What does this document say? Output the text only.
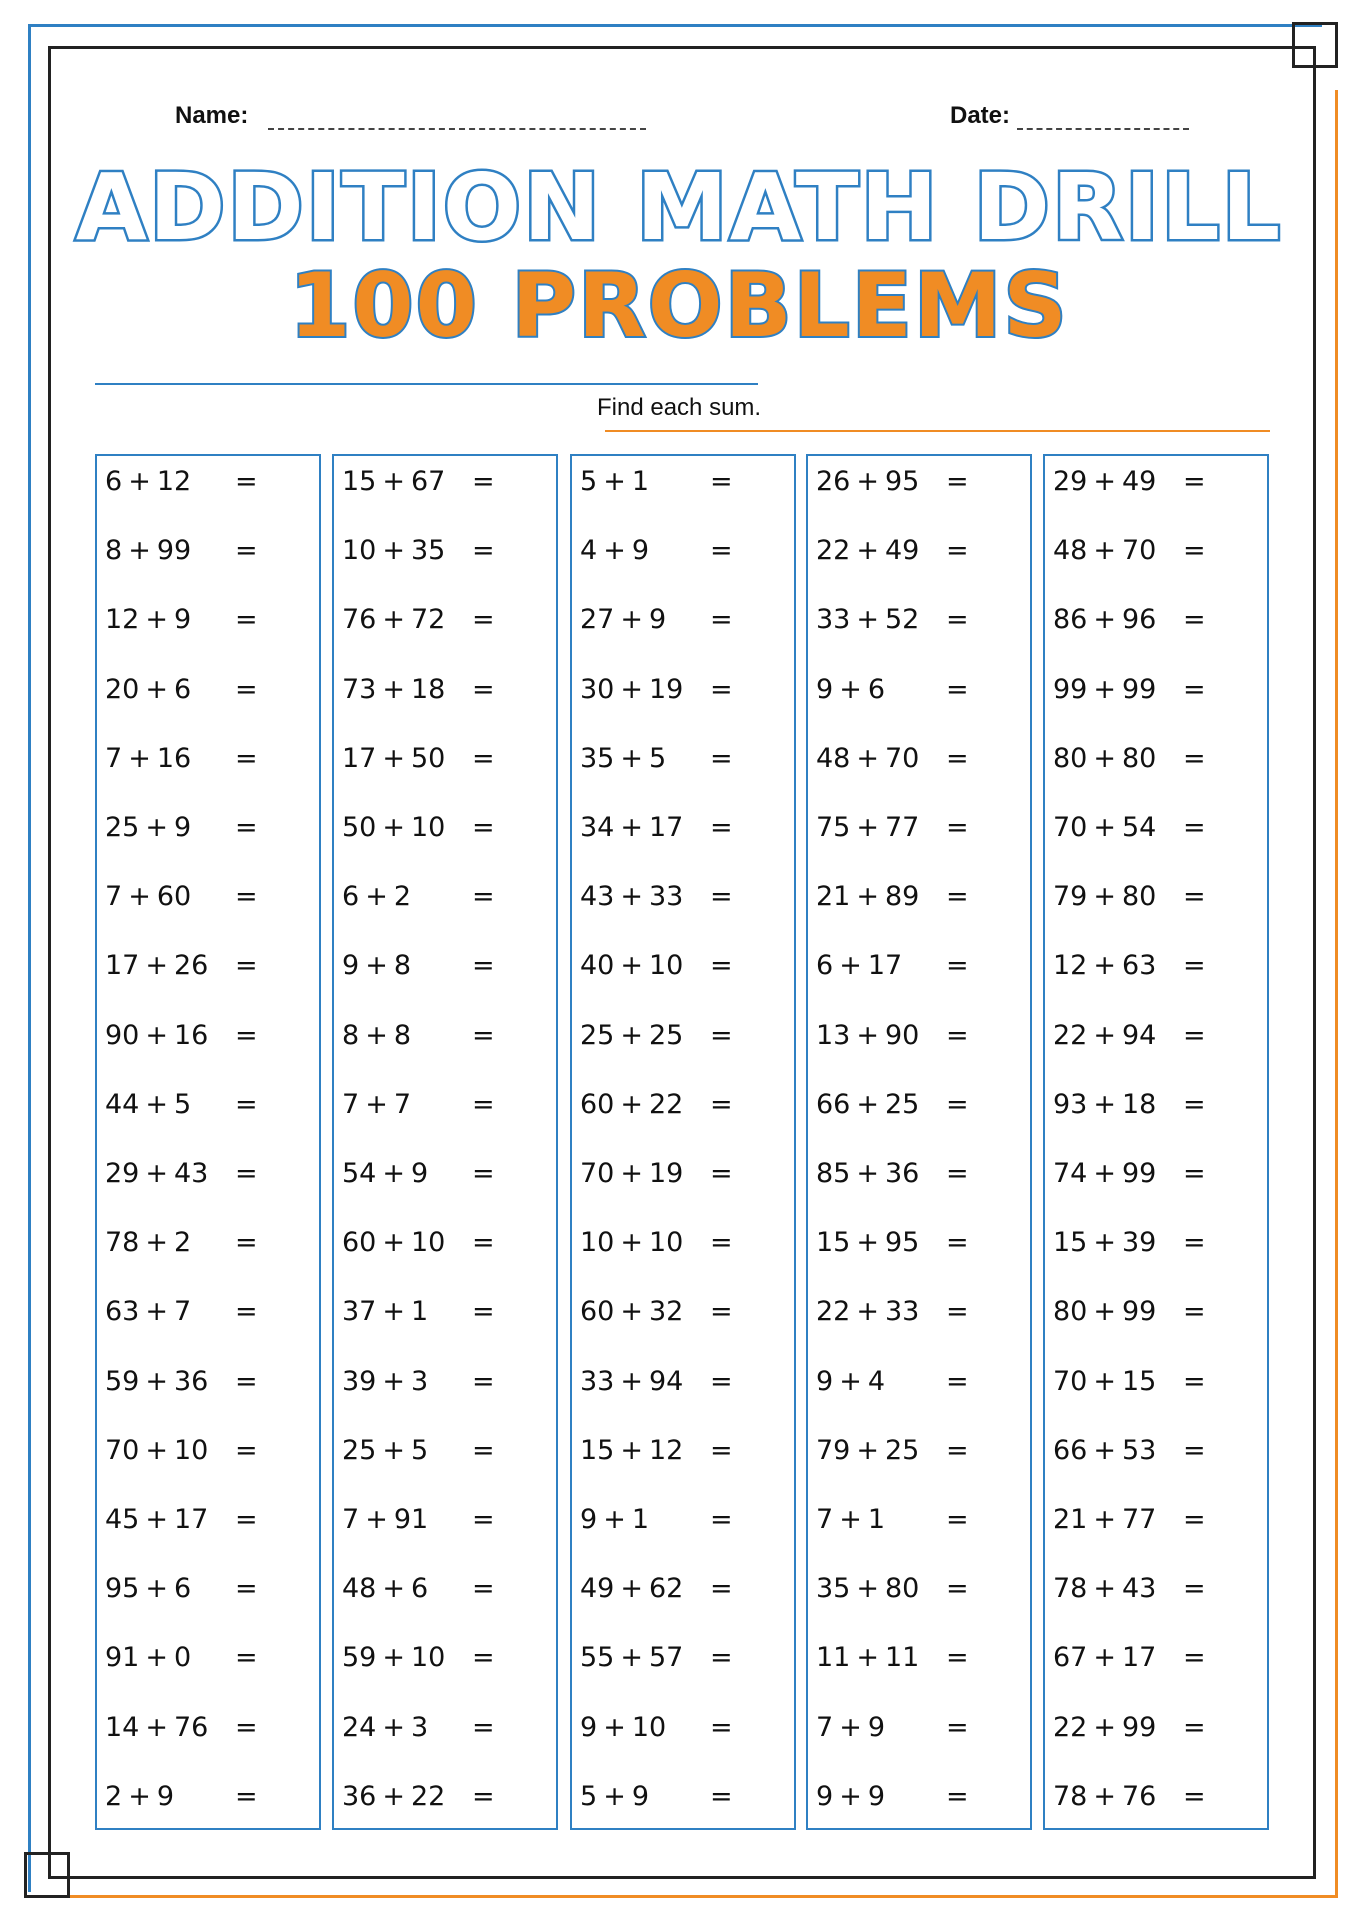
Name:	Date:
ADDITION MATH DRILL
100 PROBLEMS
Find each sum.
6 + 12 =
8 + 99 =
12 + 9 =
20 + 6 =
7 + 16 =
25 + 9 =
7 + 60 =
17 + 26 =
90 + 16 =
44 + 5 =
29 + 43 =
78 + 2 =
63 + 7 =
59 + 36 =
70 + 10 =
45 + 17 =
95 + 6 =
91 + 0 =
14 + 76 =
2 + 9 =
15 + 67 =
10 + 35 =
76 + 72 =
73 + 18 =
17 + 50 =
50 + 10 =
6 + 2 =
9 + 8 =
8 + 8 =
7 + 7 =
54 + 9 =
60 + 10 =
37 + 1 =
39 + 3 =
25 + 5 =
7 + 91 =
48 + 6 =
59 + 10 =
24 + 3 =
36 + 22 =
5 + 1 =
4 + 9 =
27 + 9 =
30 + 19 =
35 + 5 =
34 + 17 =
43 + 33 =
40 + 10 =
25 + 25 =
60 + 22 =
70 + 19 =
10 + 10 =
60 + 32 =
33 + 94 =
15 + 12 =
9 + 1 =
49 + 62 =
55 + 57 =
9 + 10 =
5 + 9 =
26 + 95 =
22 + 49 =
33 + 52 =
9 + 6 =
48 + 70 =
75 + 77 =
21 + 89 =
6 + 17 =
13 + 90 =
66 + 25 =
85 + 36 =
15 + 95 =
22 + 33 =
9 + 4 =
79 + 25 =
7 + 1 =
35 + 80 =
11 + 11 =
7 + 9 =
9 + 9 =
29 + 49 =
48 + 70 =
86 + 96 =
99 + 99 =
80 + 80 =
70 + 54 =
79 + 80 =
12 + 63 =
22 + 94 =
93 + 18 =
74 + 99 =
15 + 39 =
80 + 99 =
70 + 15 =
66 + 53 =
21 + 77 =
78 + 43 =
67 + 17 =
22 + 99 =
78 + 76 =
